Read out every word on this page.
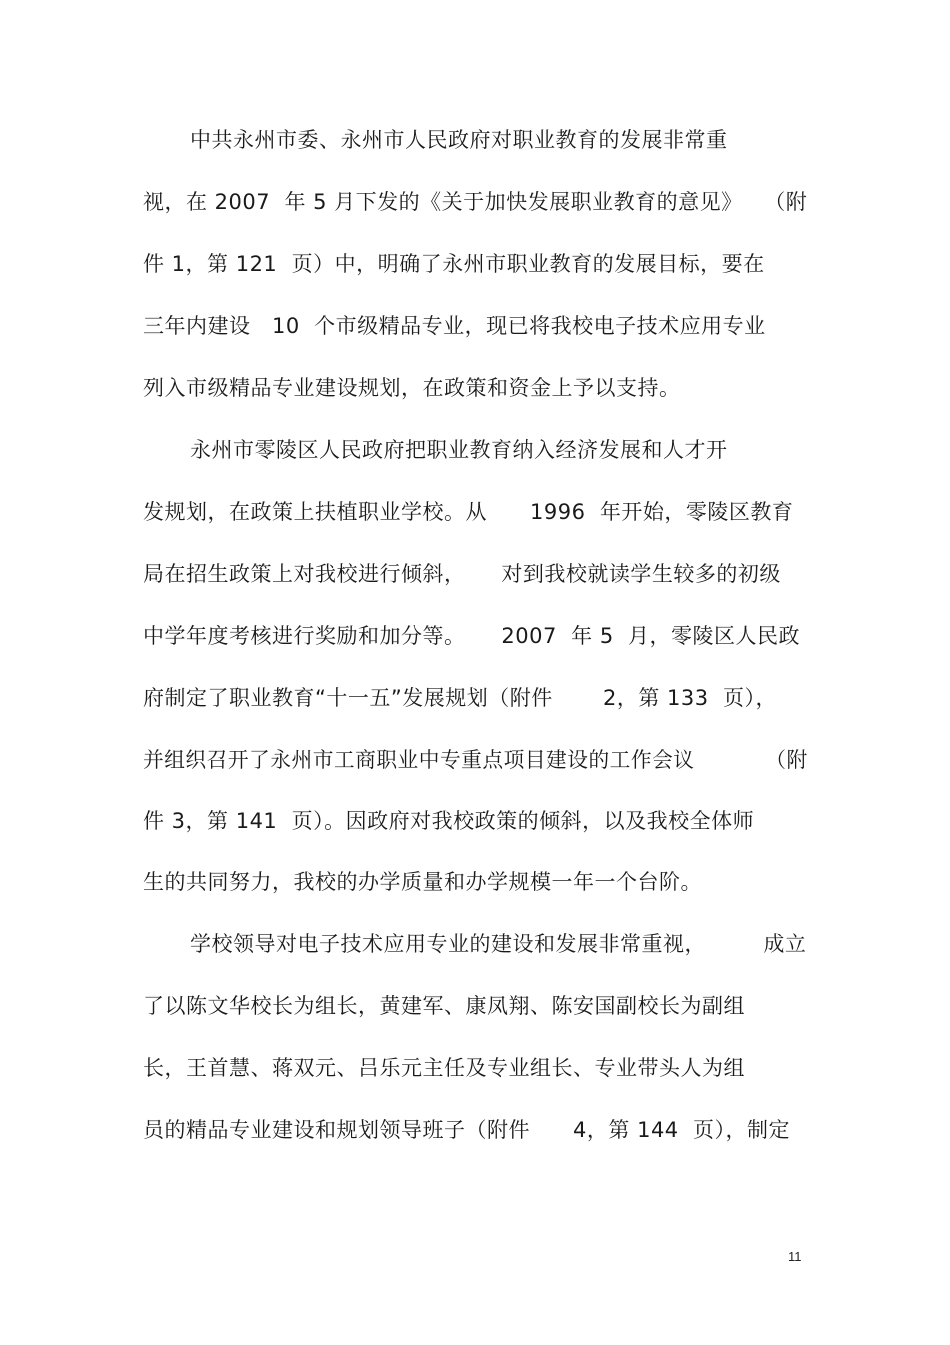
中共永州市委、永州市人民政府对职业教育的发展非常重
视，在 2007  年 5 月下发的《关于加快发展职业教育的意见》   （附
件 1，第 121  页）中，明确了永州市职业教育的发展目标，要在
三年内建设   10  个市级精品专业，现已将我校电子技术应用专业
列入市级精品专业建设规划，在政策和资金上予以支持。
永州市零陵区人民政府把职业教育纳入经济发展和人才开
发规划，在政策上扶植职业学校。从      1996  年开始，零陵区教育
局在招生政策上对我校进行倾斜，     对到我校就读学生较多的初级
中学年度考核进行奖励和加分等。     2007  年 5  月，零陵区人民政
府制定了职业教育“十一五”发展规划（附件       2，第 133  页），
并组织召开了永州市工商职业中专重点项目建设的工作会议          （附
件 3，第 141  页）。因政府对我校政策的倾斜，以及我校全体师
生的共同努力，我校的办学质量和办学规模一年一个台阶。
学校领导对电子技术应用专业的建设和发展非常重视，        成立
了以陈文华校长为组长，黄建军、康凤翔、陈安国副校长为副组
长，王首慧、蒋双元、吕乐元主任及专业组长、专业带头人为组
员的精品专业建设和规划领导班子（附件      4，第 144  页），制定
11
